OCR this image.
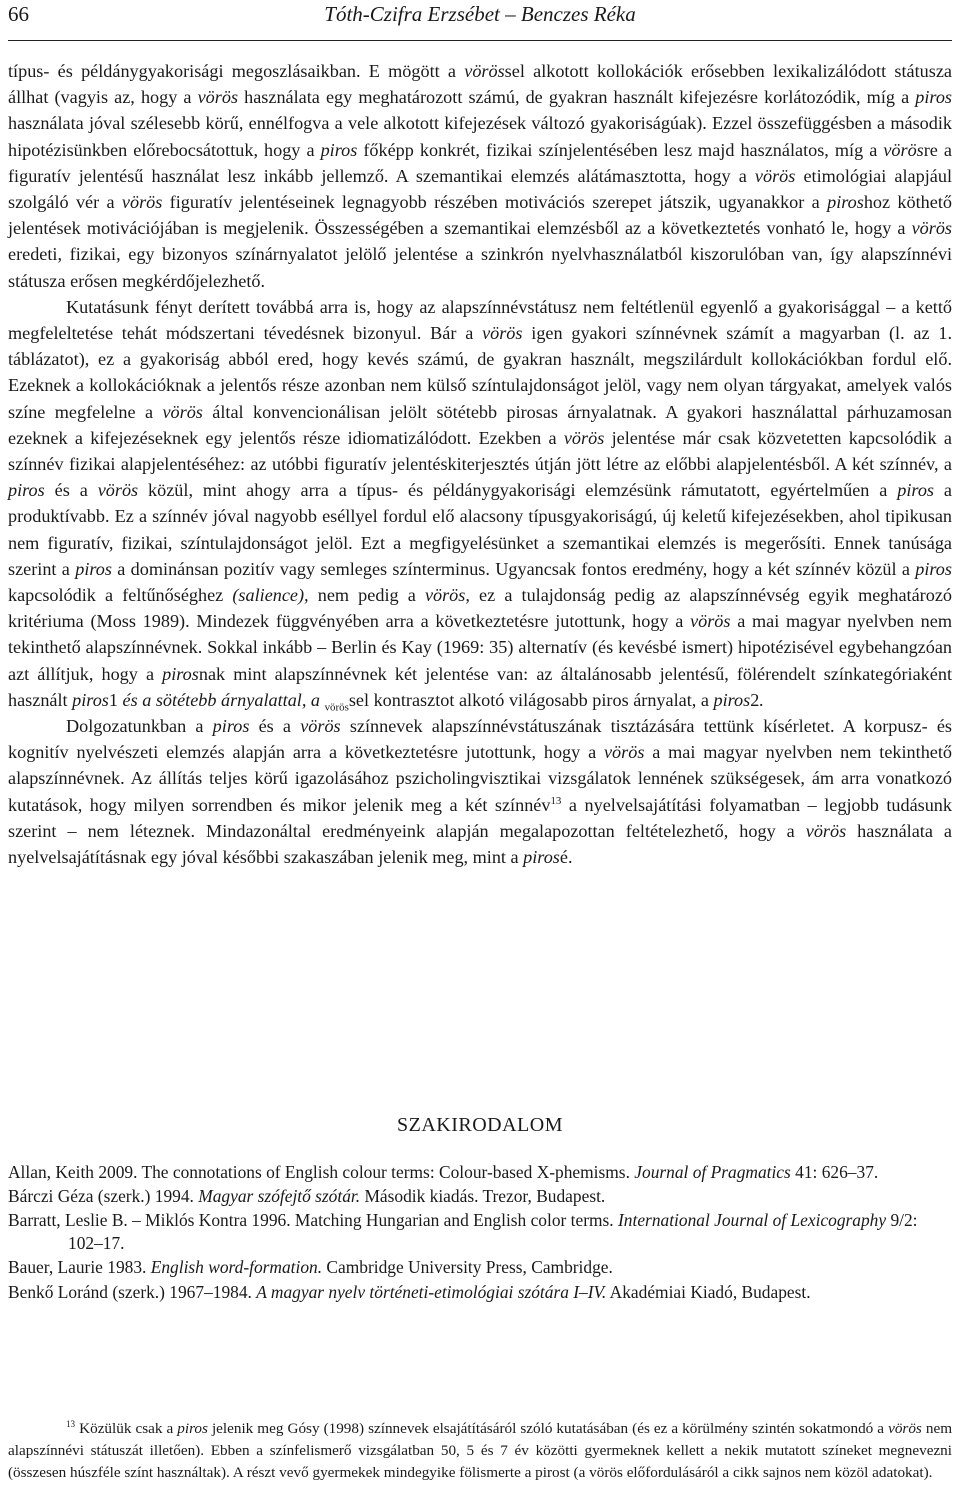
66	Tóth-Czifra Erzsébet – Benczes Réka

típus- és példánygyakorisági megoszlásaikban. E mögött a vörössel alkotott kollokációk erősebben lexikalizálódott státusza állhat (vagyis az, hogy a vörös használata egy meghatározott számú, de gyakran használt kifejezésre korlátozódik, míg a piros használata jóval szélesebb körű, ennélfogva a vele alkotott kifejezések változó gyakoriságúak). Ezzel összefüggésben a második hipotézisünkben előrebocsátottuk, hogy a piros főképp konkrét, fizikai színjelentésében lesz majd használatos, míg a vörösre a figuratív jelentésű használat lesz inkább jellemző. A szemantikai elemzés alátámasztotta, hogy a vörös etimológiai alapjául szolgáló vér a vörös figuratív jelentéseinek legnagyobb részében motivációs szerepet játszik, ugyanakkor a piroshoz köthető jelentések motivációjában is megjelenik. Összességében a szemantikai elemzésből az a következtetés vonható le, hogy a vörös eredeti, fizikai, egy bizonyos színárnyalatot jelölő jelentése a szinkrón nyelvhasználatból kiszorulóban van, így alapszínnévi státusza erősen megkérdőjelezhető.

Kutatásunk fényt derített továbbá arra is, hogy az alapszínnévstátusz nem feltétlenül egyenlő a gyakorisággal – a kettő megfeleltetése tehát módszertani tévedésnek bizonyul. Bár a vörös igen gyakori színnévnek számít a magyarban (l. az 1. táblázatot), ez a gyakoriság abból ered, hogy kevés számú, de gyakran használt, megszilárdult kollokációkban fordul elő. Ezeknek a kollokációknak a jelentős része azonban nem külső színtulajdonságot jelöl, vagy nem olyan tárgyakat, amelyek valós színe megfelelne a vörös által konvencionálisan jelölt sötétebb pirosas árnyalatnak. A gyakori használattal párhuzamosan ezeknek a kifejezéseknek egy jelentős része idiomatizálódott. Ezekben a vörös jelentése már csak közvetetten kapcsolódik a színnév fizikai alapjelentéséhez: az utóbbi figuratív jelentéskiterjesztés útján jött létre az előbbi alapjelentésből. A két színnév, a piros és a vörös közül, mint ahogy arra a típus- és példánygyakorisági elemzésünk rámutatott, egyértelműen a piros a produktívabb. Ez a színnév jóval nagyobb eséllyel fordul elő alacsony típusgyakoriságú, új keletű kifejezésekben, ahol tipikusan nem figuratív, fizikai, színtulajdonságot jelöl. Ezt a megfigyelésünket a szemantikai elemzés is megerősíti. Ennek tanúsága szerint a piros a dominánsan pozitív vagy semleges színterminus. Ugyancsak fontos eredmény, hogy a két színnév közül a piros kapcsolódik a feltűnőséghez (salience), nem pedig a vörös, ez a tulajdonság pedig az alapszínnévség egyik meghatározó kritériuma (Moss 1989). Mindezek függvényében arra a következtetésre jutottunk, hogy a vörös a mai magyar nyelvben nem tekinthető alapszínnévnek. Sokkal inkább – Berlin és Kay (1969: 35) alternatív (és kevésbé ismert) hipotézisével egybehangzóan azt állítjuk, hogy a pirosnak mint alapszínnévnek két jelentése van: az általánosabb jelentésű, fölérendelt színkategóriaként használt piros1 és a sötétebb árnyalattal, a $_{vörös}$sel kontrasztot alkotó világosabb piros árnyalat, a piros2.

Dolgozatunkban a piros és a vörös színnevek alapszínnévstátuszának tisztázására tettünk kísérletet. A korpusz- és kognitív nyelvészeti elemzés alapján arra a következtetésre jutottunk, hogy a vörös a mai magyar nyelvben nem tekinthető alapszínnévnek. Az állítás teljes körű igazolásához pszicholingvisztikai vizsgálatok lennének szükségesek, ám arra vonatkozó kutatások, hogy milyen sorrendben és mikor jelenik meg a két színnév$^{13}$ a nyelvelsajátítási folyamatban – legjobb tudásunk szerint – nem léteznek. Mindazonáltal eredményeink alapján megalapozottan feltételezhető, hogy a vörös használata a nyelvelsajátításnak egy jóval későbbi szakaszában jelenik meg, mint a pirosé.

SZAKIRODALOM

Allan, Keith 2009. The connotations of English colour terms: Colour-based X-phemisms. Journal of Pragmatics 41: 626–37.

Bárczi Géza (szerk.) 1994. Magyar szófejtő szótár. Második kiadás. Trezor, Budapest.

Barratt, Leslie B. – Miklós Kontra 1996. Matching Hungarian and English color terms. International Journal of Lexicography 9/2: 102–17.

Bauer, Laurie 1983. English word-formation. Cambridge University Press, Cambridge.

Benkő Loránd (szerk.) 1967–1984. A magyar nyelv történeti-etimológiai szótára I–IV. Akadémiai Kiadó, Budapest.

$^{13}$ Közülük csak a piros jelenik meg Gósy (1998) színnevek elsajátításáról szóló kutatásában (és ez a körülmény szintén sokatmondó a vörös nem alapszínnévi státuszát illetően). Ebben a színfelismerő vizsgálatban 50, 5 és 7 év közötti gyermeknek kellett a nekik mutatott színeket megnevezni (összesen húszféle színt használtak). A részt vevő gyermekek mindegyike fölismerte a pirost (a vörös előfordulásáról a cikk sajnos nem közöl adatokat).
